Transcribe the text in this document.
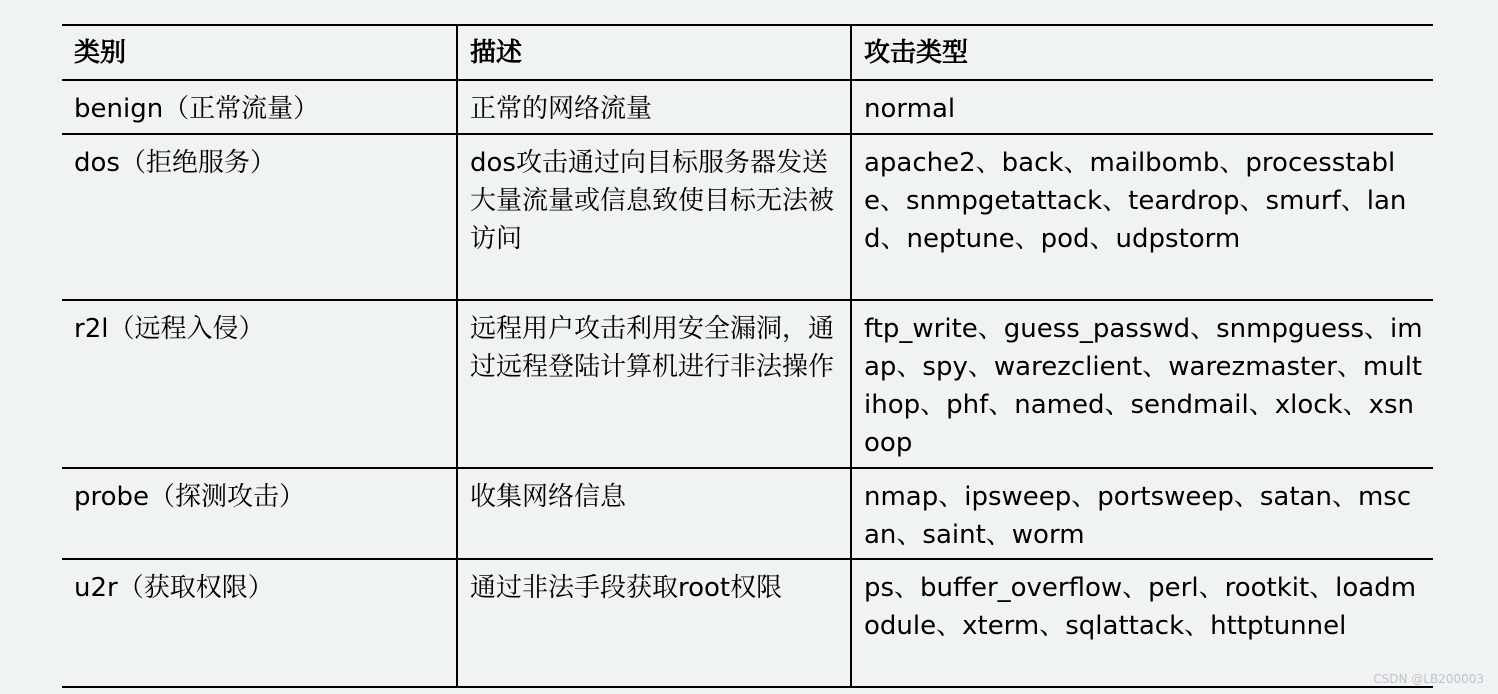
类别	描述	攻击类型
benign（正常流量）	正常的网络流量	normal
dos（拒绝服务）	dos攻击通过向目标服务器发送大量流量或信息致使目标无法被访问	apache2、back、mailbomb、processtable、snmpgetattack、teardrop、smurf、land、neptune、pod、udpstorm
r2l（远程入侵）	远程用户攻击利用安全漏洞，通过远程登陆计算机进行非法操作	ftp_write、guess_passwd、snmpguess、imap、spy、warezclient、warezmaster、multihop、phf、named、sendmail、xlock、xsnoop
probe（探测攻击）	收集网络信息	nmap、ipsweep、portsweep、satan、mscan、saint、worm
u2r（获取权限）	通过非法手段获取root权限	ps、buffer_overflow、perl、rootkit、loadmodule、xterm、sqlattack、httptunnel
CSDN @LB200003
